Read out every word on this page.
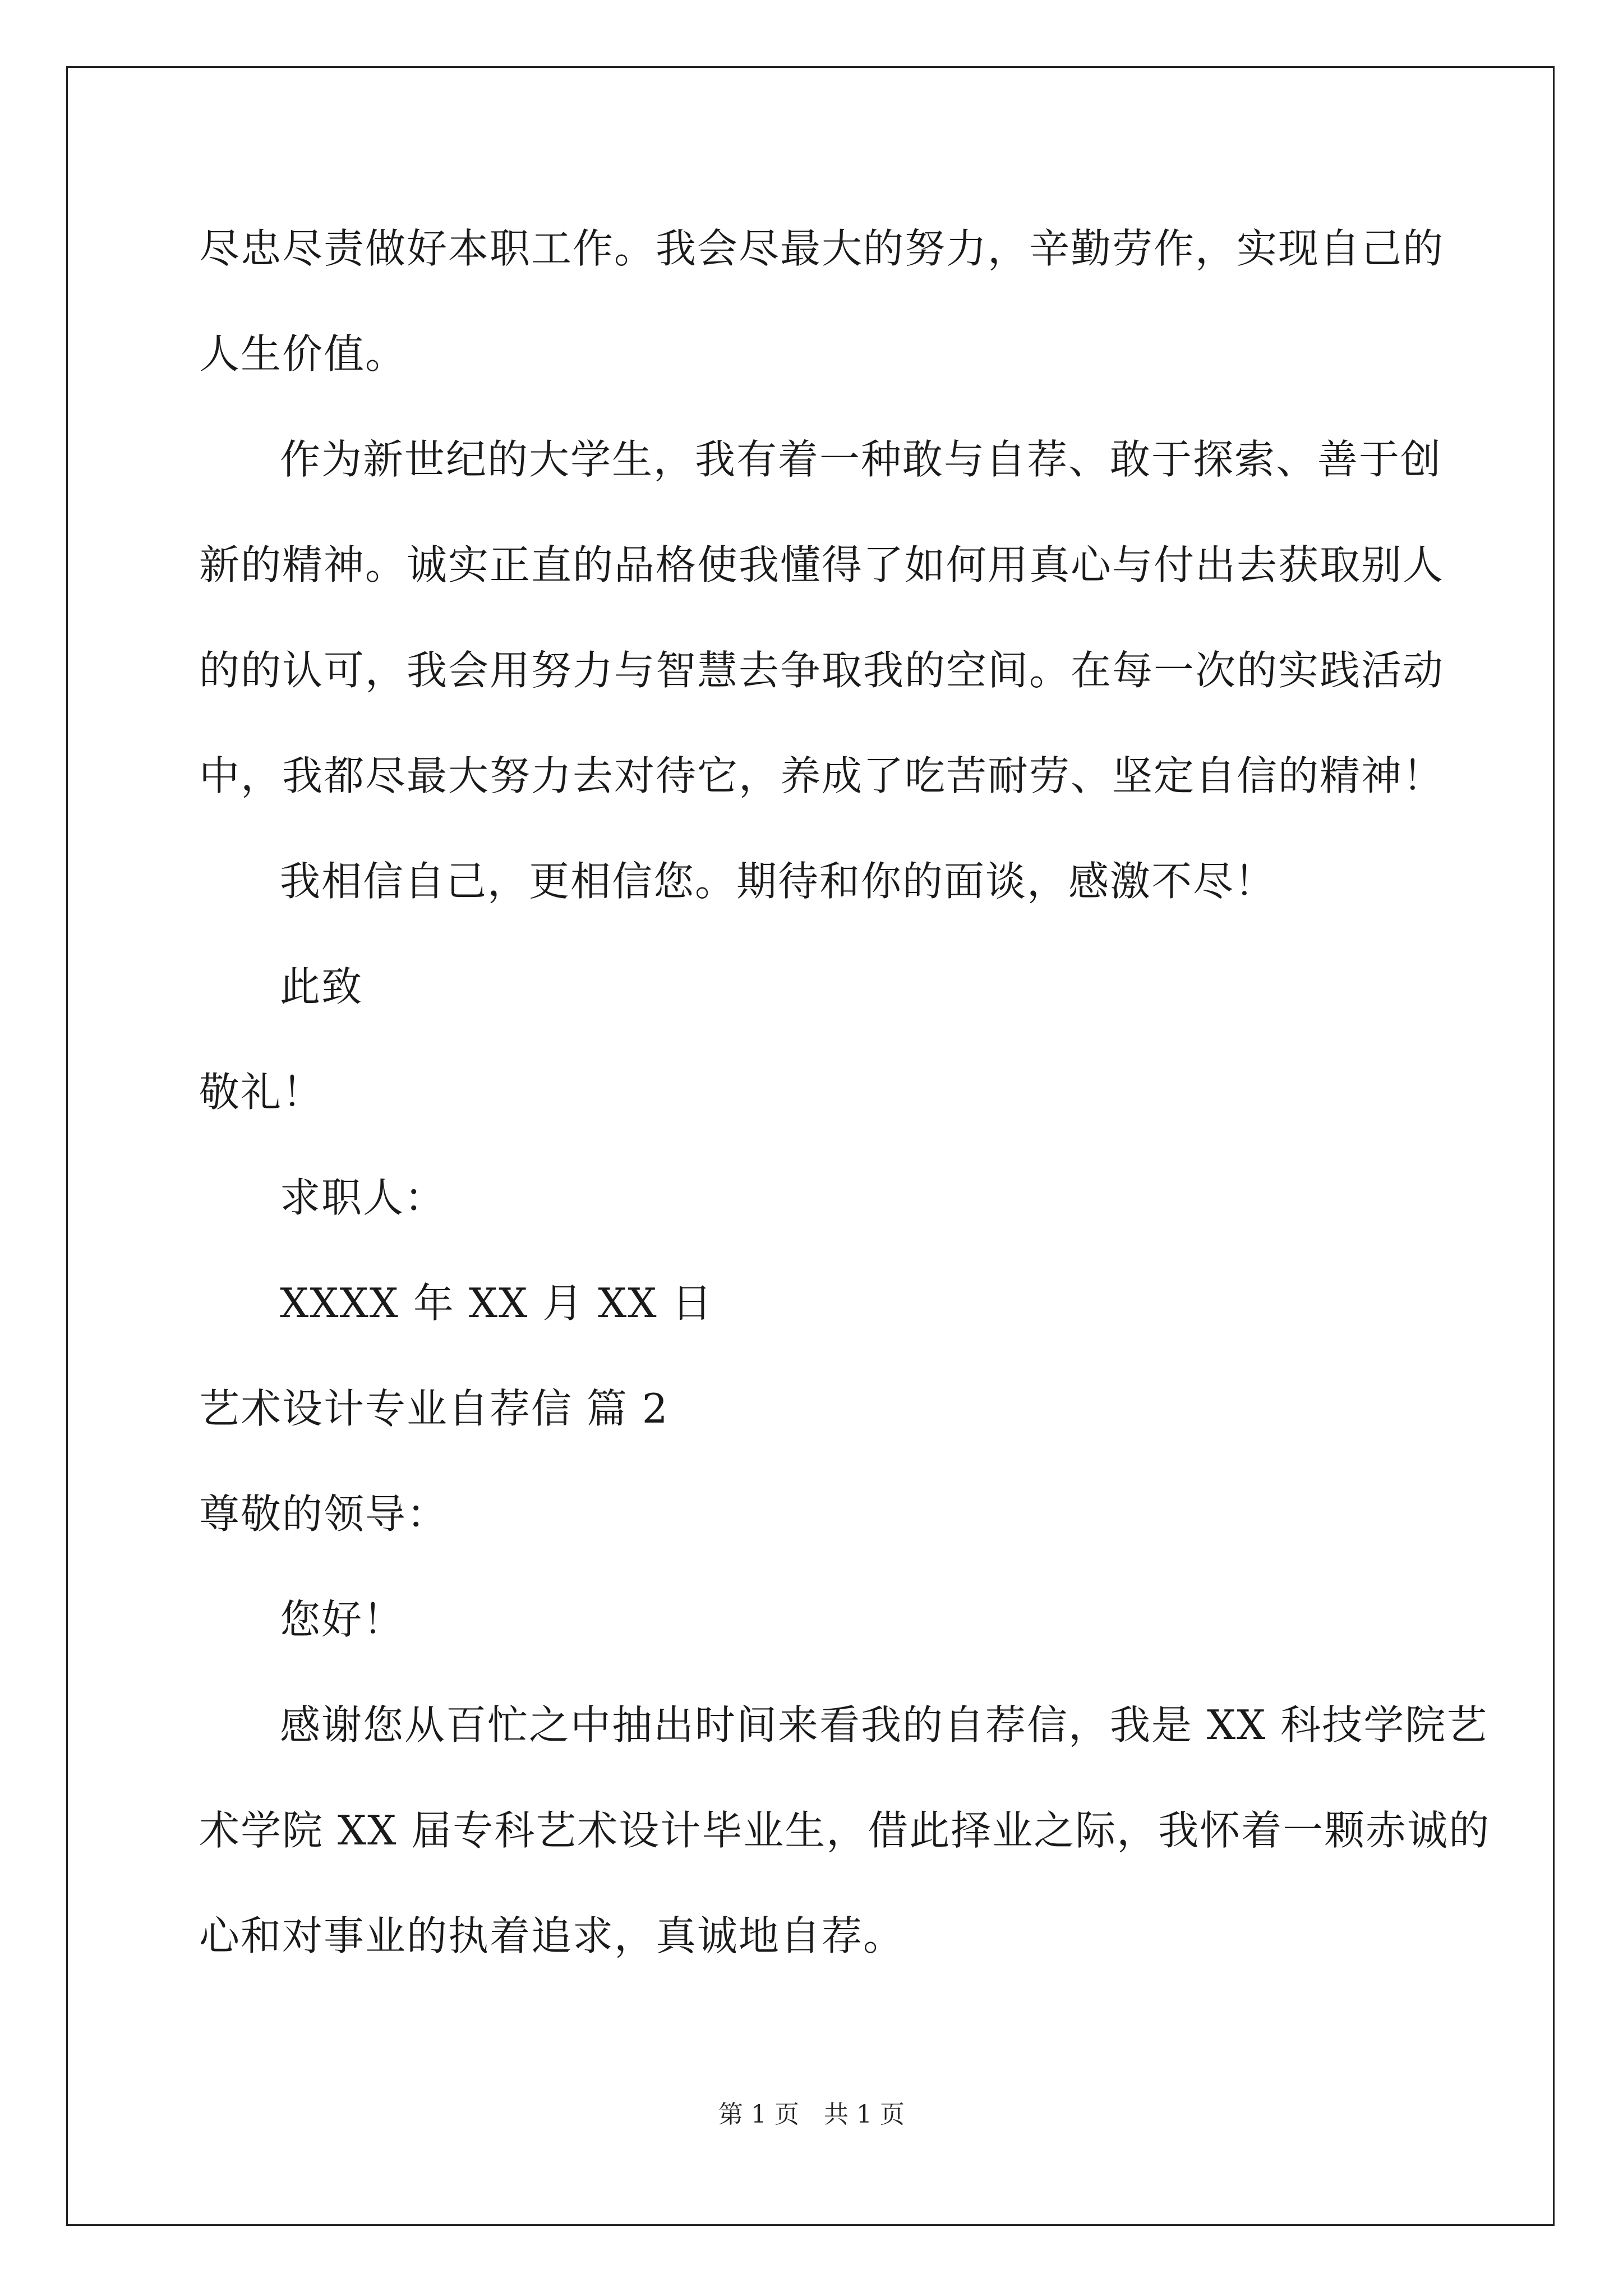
尽忠尽责做好本职工作。我会尽最大的努力，辛勤劳作，实现自己的
人生价值。
作为新世纪的大学生，我有着一种敢与自荐、敢于探索、善于创
新的精神。诚实正直的品格使我懂得了如何用真心与付出去获取别人
的的认可，我会用努力与智慧去争取我的空间。在每一次的实践活动
中，我都尽最大努力去对待它，养成了吃苦耐劳、坚定自信的精神！
我相信自己，更相信您。期待和你的面谈，感激不尽！
此致
敬礼！
求职人：
XXXX 年 XX 月 XX 日
艺术设计专业自荐信 篇 2
尊敬的领导：
您好！
感谢您从百忙之中抽出时间来看我的自荐信，我是 XX 科技学院艺
术学院 XX 届专科艺术设计毕业生，借此择业之际，我怀着一颗赤诚的
心和对事业的执着追求，真诚地自荐。
第 1 页　共 1 页
